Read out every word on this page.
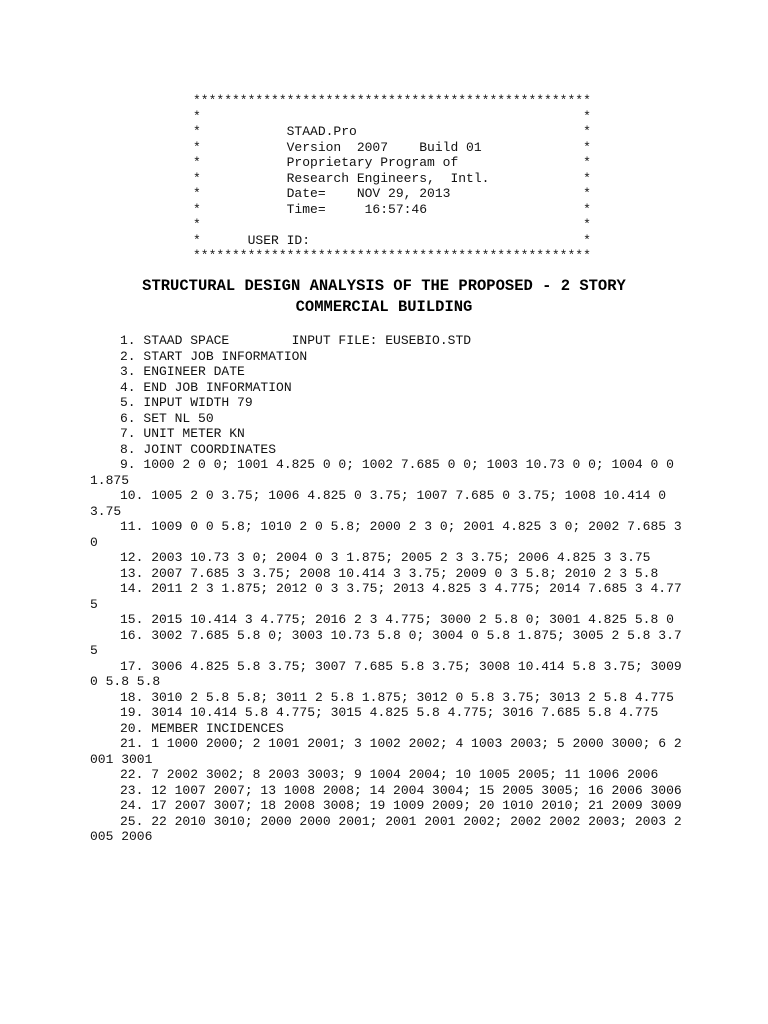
***************************************************
*                                                 *
*           STAAD.Pro                             *
*           Version  2007    Build 01             *
*           Proprietary Program of                *
*           Research Engineers,  Intl.            *
*           Date=    NOV 29, 2013                 *
*           Time=     16:57:46                    *
*                                                 *
*      USER ID:                                   *
***************************************************
STRUCTURAL DESIGN ANALYSIS OF THE PROPOSED - 2 STORY
COMMERCIAL BUILDING
1. STAAD SPACE        INPUT FILE: EUSEBIO.STD
2. START JOB INFORMATION
3. ENGINEER DATE
4. END JOB INFORMATION
5. INPUT WIDTH 79
6. SET NL 50
7. UNIT METER KN
8. JOINT COORDINATES
9. 1000 2 0 0; 1001 4.825 0 0; 1002 7.685 0 0; 1003 10.73 0 0; 1004 0 0 1.875
10. 1005 2 0 3.75; 1006 4.825 0 3.75; 1007 7.685 0 3.75; 1008 10.414 0 3.75
11. 1009 0 0 5.8; 1010 2 0 5.8; 2000 2 3 0; 2001 4.825 3 0; 2002 7.685 3 0
12. 2003 10.73 3 0; 2004 0 3 1.875; 2005 2 3 3.75; 2006 4.825 3 3.75
13. 2007 7.685 3 3.75; 2008 10.414 3 3.75; 2009 0 3 5.8; 2010 2 3 5.8
14. 2011 2 3 1.875; 2012 0 3 3.75; 2013 4.825 3 4.775; 2014 7.685 3 4.775
15. 2015 10.414 3 4.775; 2016 2 3 4.775; 3000 2 5.8 0; 3001 4.825 5.8 0
16. 3002 7.685 5.8 0; 3003 10.73 5.8 0; 3004 0 5.8 1.875; 3005 2 5.8 3.75
17. 3006 4.825 5.8 3.75; 3007 7.685 5.8 3.75; 3008 10.414 5.8 3.75; 3009 0 5.8 5.8
18. 3010 2 5.8 5.8; 3011 2 5.8 1.875; 3012 0 5.8 3.75; 3013 2 5.8 4.775
19. 3014 10.414 5.8 4.775; 3015 4.825 5.8 4.775; 3016 7.685 5.8 4.775
20. MEMBER INCIDENCES
21. 1 1000 2000; 2 1001 2001; 3 1002 2002; 4 1003 2003; 5 2000 3000; 6 2001 3001
22. 7 2002 3002; 8 2003 3003; 9 1004 2004; 10 1005 2005; 11 1006 2006
23. 12 1007 2007; 13 1008 2008; 14 2004 3004; 15 2005 3005; 16 2006 3006
24. 17 2007 3007; 18 2008 3008; 19 1009 2009; 20 1010 2010; 21 2009 3009
25. 22 2010 3010; 2000 2000 2001; 2001 2001 2002; 2002 2002 2003; 2003 2005 2006
